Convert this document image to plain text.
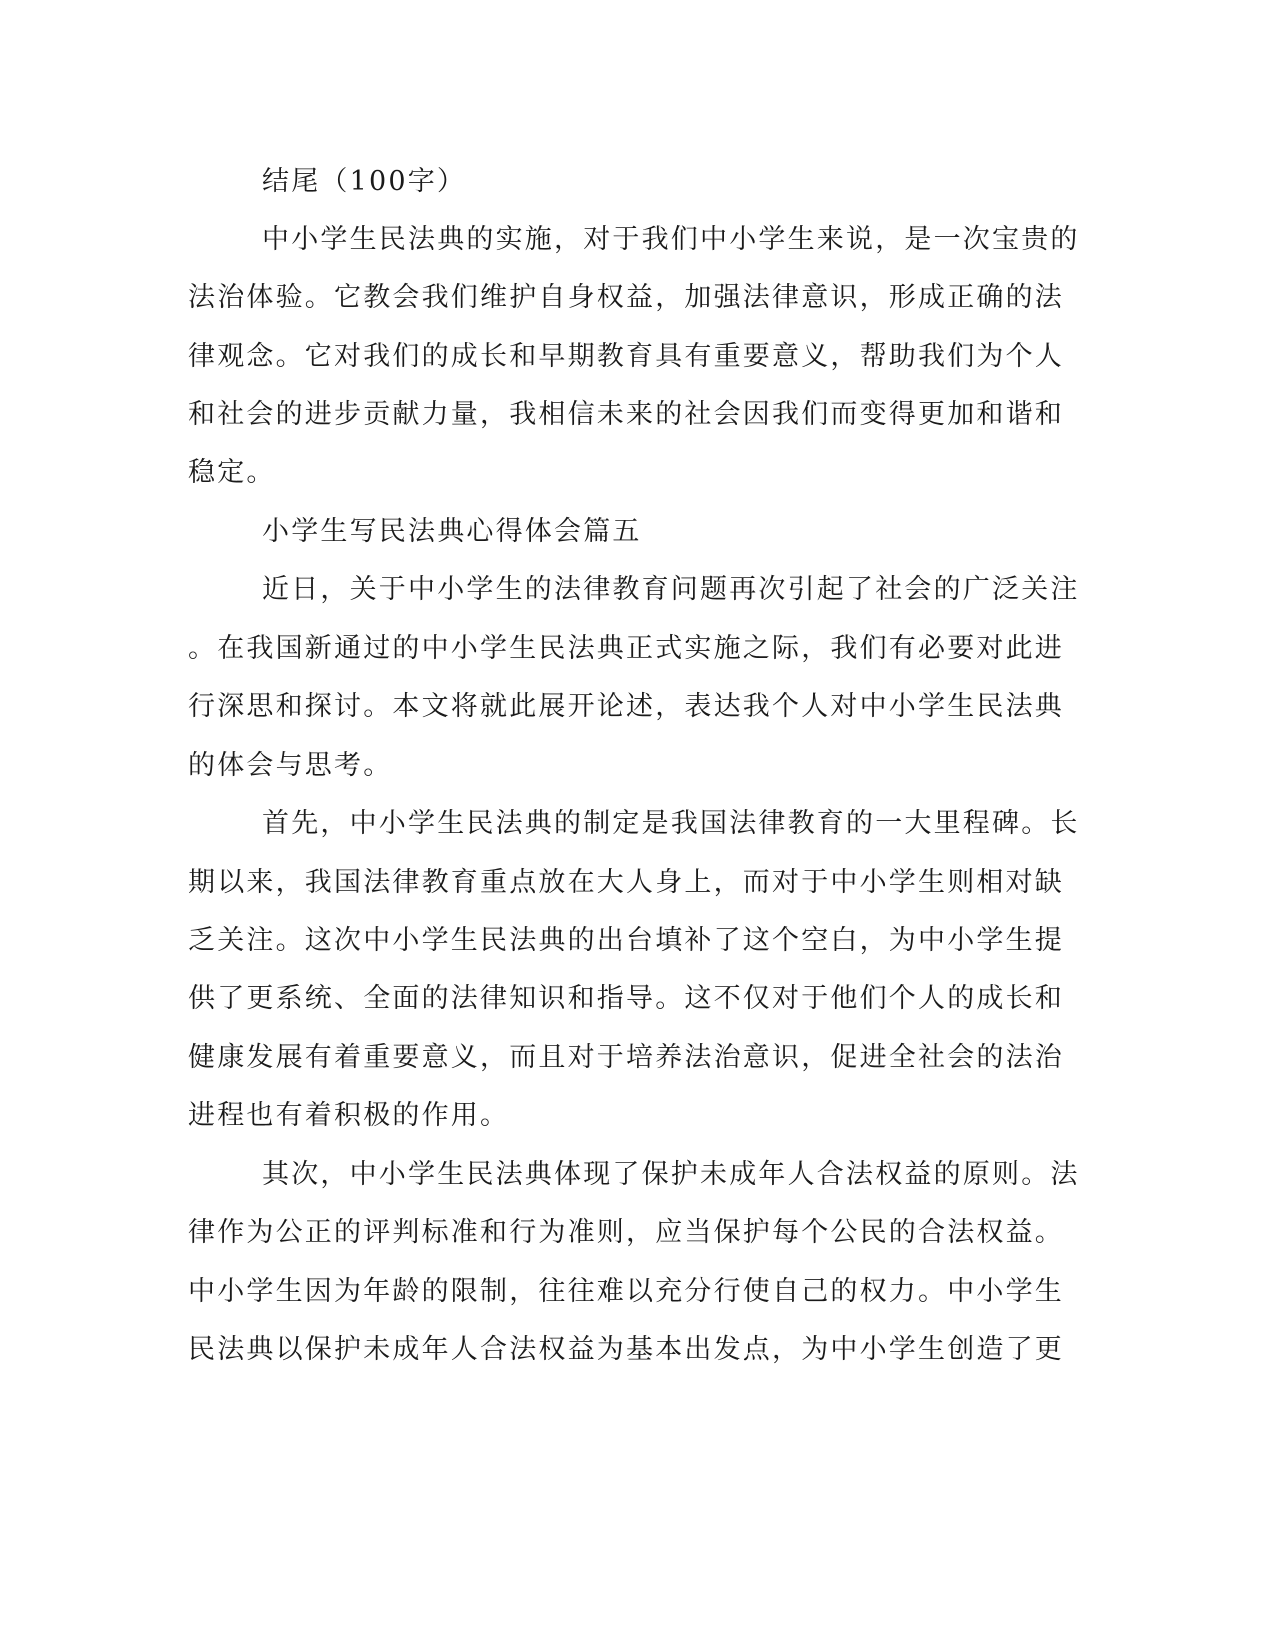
结尾（100字）
中小学生民法典的实施，对于我们中小学生来说，是一次宝贵的
法治体验。它教会我们维护自身权益，加强法律意识，形成正确的法
律观念。它对我们的成长和早期教育具有重要意义，帮助我们为个人
和社会的进步贡献力量，我相信未来的社会因我们而变得更加和谐和
稳定。
小学生写民法典心得体会篇五
近日，关于中小学生的法律教育问题再次引起了社会的广泛关注
。在我国新通过的中小学生民法典正式实施之际，我们有必要对此进
行深思和探讨。本文将就此展开论述，表达我个人对中小学生民法典
的体会与思考。
首先，中小学生民法典的制定是我国法律教育的一大里程碑。长
期以来，我国法律教育重点放在大人身上，而对于中小学生则相对缺
乏关注。这次中小学生民法典的出台填补了这个空白，为中小学生提
供了更系统、全面的法律知识和指导。这不仅对于他们个人的成长和
健康发展有着重要意义，而且对于培养法治意识，促进全社会的法治
进程也有着积极的作用。
其次，中小学生民法典体现了保护未成年人合法权益的原则。法
律作为公正的评判标准和行为准则，应当保护每个公民的合法权益。
中小学生因为年龄的限制，往往难以充分行使自己的权力。中小学生
民法典以保护未成年人合法权益为基本出发点，为中小学生创造了更
